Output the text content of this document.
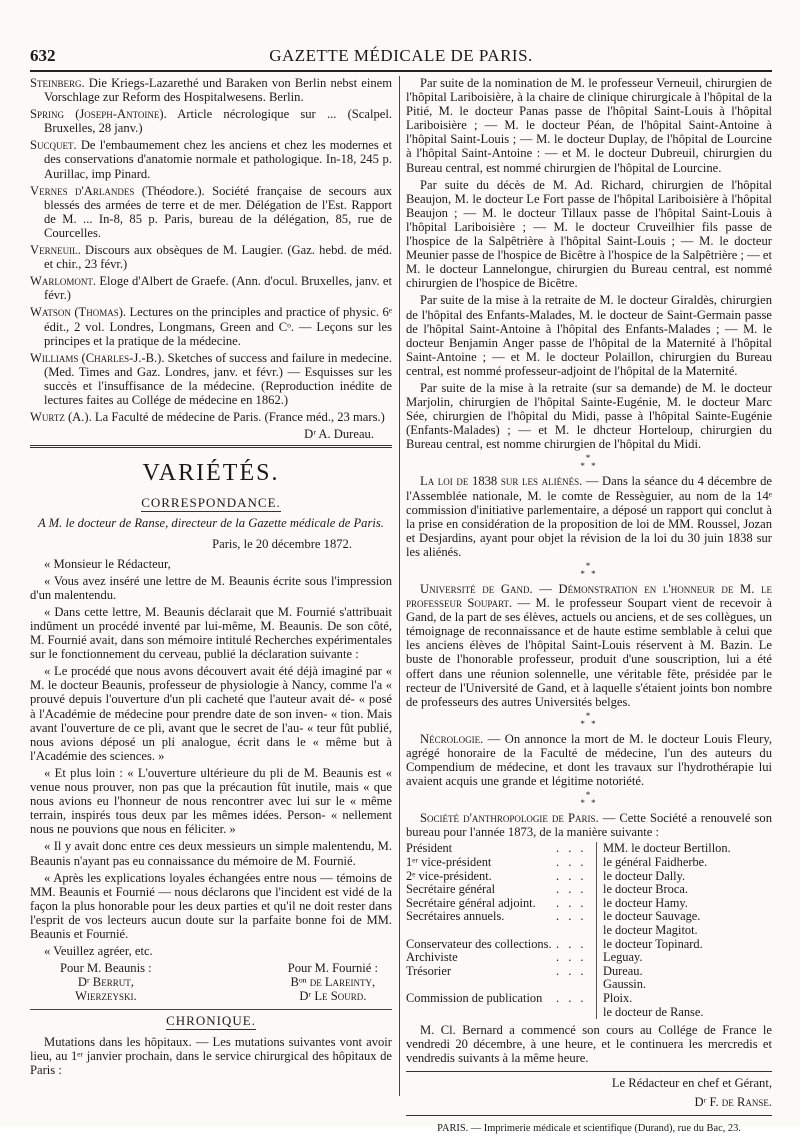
632	GAZETTE MÉDICALE DE PARIS.

Steinberg. Die Kriegs-Lazarethé und Baraken von Berlin nebst einem Vorschlage zur Reform des Hospitalwesens. Berlin.

Spring (Joseph-Antoine). Article nécrologique sur ... (Scalpel. Bruxelles, 28 janv.)

Sucquet. De l'embaumement chez les anciens et chez les modernes et des conservations d'anatomie normale et pathologique. In-18, 245 p. Aurillac, imp Pinard.

Vernes d'Arlandes (Théodore.). Société française de secours aux blessés des armées de terre et de mer. Délégation de l'Est. Rapport de M. ... In-8, 85 p. Paris, bureau de la délégation, 85, rue de Courcelles.

Verneuil. Discours aux obsèques de M. Laugier. (Gaz. hebd. de méd. et chir., 23 févr.)

Warlomont. Eloge d'Albert de Graefe. (Ann. d'ocul. Bruxelles, janv. et févr.)

Watson (Thomas). Lectures on the principles and practice of physic. 6ᵉ édit., 2 vol. Londres, Longmans, Green and Cᵒ. — Leçons sur les principes et la pratique de la médecine.

Williams (Charles-J.-B.). Sketches of success and failure in medecine. (Med. Times and Gaz. Londres, janv. et févr.) — Esquisses sur les succès et l'insuffisance de la médecine. (Reproduction inédite de lectures faites au Collége de médecine en 1862.)

Wurtz (A.). La Faculté de médecine de Paris. (France méd., 23 mars.)

Dʳ A. Dureau.
VARIÉTÉS.
CORRESPONDANCE.
A M. le docteur de Ranse, directeur de la Gazette médicale de Paris.
Paris, le 20 décembre 1872.

« Monsieur le Rédacteur,

« Vous avez inséré une lettre de M. Beaunis écrite sous l'impression d'un malentendu.

« Dans cette lettre, M. Beaunis déclarait que M. Fournié s'attribuait indûment un procédé inventé par lui-même, M. Beaunis. De son côté, M. Fournié avait, dans son mémoire intitulé Recherches expérimentales sur le fonctionnement du cerveau, publié la déclaration suivante :

« Le procédé que nous avons découvert avait été déjà imaginé par « M. le docteur Beaunis, professeur de physiologie à Nancy, comme l'a « prouvé depuis l'ouverture d'un pli cacheté que l'auteur avait dé- « posé à l'Académie de médecine pour prendre date de son inven- « tion. Mais avant l'ouverture de ce pli, avant que le secret de l'au- « teur fût publié, nous avions déposé un pli analogue, écrit dans le « même but à l'Académie des sciences. »

« Et plus loin : « L'ouverture ultérieure du pli de M. Beaunis est « venue nous prouver, non pas que la précaution fût inutile, mais « que nous avions eu l'honneur de nous rencontrer avec lui sur le « même terrain, inspirés tous deux par les mêmes idées. Person- « nellement nous ne pouvions que nous en féliciter. »

« Il y avait donc entre ces deux messieurs un simple malentendu, M. Beaunis n'ayant pas eu connaissance du mémoire de M. Fournié.

« Après les explications loyales échangées entre nous — témoins de MM. Beaunis et Fournié — nous déclarons que l'incident est vidé de la façon la plus honorable pour les deux parties et qu'il ne doit rester dans l'esprit de vos lecteurs aucun doute sur la parfaite bonne foi de MM. Beaunis et Fournié.

« Veuillez agréer, etc.

Pour M. Beaunis :
Dʳ Berrut,
Wierzeyski.
Pour M. Fournié :
Bᵒⁿ de Lareinty,
Dʳ Le Sourd.
CHRONIQUE.

Mutations dans les hôpitaux. — Les mutations suivantes vont avoir lieu, au 1ᵉʳ janvier prochain, dans le service chirurgical des hôpitaux de Paris :

Par suite de la nomination de M. le professeur Verneuil, chirurgien de l'hôpital Lariboisière, à la chaire de clinique chirurgicale à l'hôpital de la Pitié, M. le docteur Panas passe de l'hôpital Saint-Louis à l'hôpital Lariboisière ; — M. le docteur Péan, de l'hôpital Saint-Antoine à l'hôpital Saint-Louis ; — M. le docteur Duplay, de l'hôpital de Lourcine à l'hôpital Saint-Antoine : — et M. le docteur Dubreuil, chirurgien du Bureau central, est nommé chirurgien de l'hôpital de Lourcine.

Par suite du décès de M. Ad. Richard, chirurgien de l'hôpital Beaujon, M. le docteur Le Fort passe de l'hôpital Lariboisière à l'hôpital Beaujon ; — M. le docteur Tillaux passe de l'hôpital Saint-Louis à l'hôpital Lariboisière ; — M. le docteur Cruveilhier fils passe de l'hospice de la Salpêtrière à l'hôpital Saint-Louis ; — M. le docteur Meunier passe de l'hospice de Bicêtre à l'hospice de la Salpêtrière ; — et M. le docteur Lannelongue, chirurgien du Bureau central, est nommé chirurgien de l'hospice de Bicêtre.

Par suite de la mise à la retraite de M. le docteur Giraldès, chirurgien de l'hôpital des Enfants-Malades, M. le docteur de Saint-Germain passe de l'hôpital Saint-Antoine à l'hôpital des Enfants-Malades ; — M. le docteur Benjamin Anger passe de l'hôpital de la Maternité à l'hôpital Saint-Antoine ; — et M. le docteur Polaillon, chirurgien du Bureau central, est nommé professeur-adjoint de l'hôpital de la Maternité.

Par suite de la mise à la retraite (sur sa demande) de M. le docteur Marjolin, chirurgien de l'hôpital Sainte-Eugénie, M. le docteur Marc Sée, chirurgien de l'hôpital du Midi, passe à l'hôpital Sainte-Eugénie (Enfants-Malades) ; — et M. le dhcteur Horteloup, chirurgien du Bureau central, est nomme chirurgien de l'hôpital du Midi.

*
* *

La loi de 1838 sur les aliénés. — Dans la séance du 4 décembre de l'Assemblée nationale, M. le comte de Ressèguier, au nom de la 14ᵉ commission d'initiative parlementaire, a déposé un rapport qui conclut à la prise en considération de la proposition de loi de MM. Roussel, Jozan et Desjardins, ayant pour objet la révision de la loi du 30 juin 1838 sur les aliénés.

*
* *

Université de Gand. — Démonstration en l'honneur de M. le professeur Soupart. — M. le professeur Soupart vient de recevoir à Gand, de la part de ses élèves, actuels ou anciens, et de ses collègues, un témoignage de reconnaissance et de haute estime semblable à celui que les anciens élèves de l'hôpital Saint-Louis réservent à M. Bazin. Le buste de l'honorable professeur, produit d'une souscription, lui a été offert dans une réunion solennelle, une véritable fête, présidée par le recteur de l'Université de Gand, et à laquelle s'étaient joints bon nombre de professeurs des autres Universités belges.

*
* *

Nécrologie. — On annonce la mort de M. le docteur Louis Fleury, agrégé honoraire de la Faculté de médecine, l'un des auteurs du Compendium de médecine, et dont les travaux sur l'hydrothérapie lui avaient acquis une grande et légitime notoriété.

*
* *

Société d'anthropologie de Paris. — Cette Société a renouvelé son bureau pour l'année 1873, de la manière suivante :

Président	. . .	MM. le docteur Bertillon.
1ᵉʳ vice-président	. . .	le général Faidherbe.
2ᵉ vice-président.	. . .	le docteur Dally.
Secrétaire général	. . .	le docteur Broca.
Secrétaire général adjoint.	. . .	le docteur Hamy.
Secrétaires annuels.	. . .	le docteur Sauvage.
		le docteur Magitot.
Conservateur des collections.	. . .	le docteur Topinard.
Archiviste	. . .	Leguay.
Trésorier	. . .	Dureau.
		Gaussin.
Commission de publication	. . .	Ploix.
		le docteur de Ranse.

M. Cl. Bernard a commencé son cours au Collége de France le vendredi 20 décembre, à une heure, et le continuera les mercredis et vendredis suivants à la même heure.

Le Rédacteur en chef et Gérant,
Dʳ F. de Ranse.
PARIS. — Imprimerie médicale et scientifique (Durand), rue du Bac, 23.
